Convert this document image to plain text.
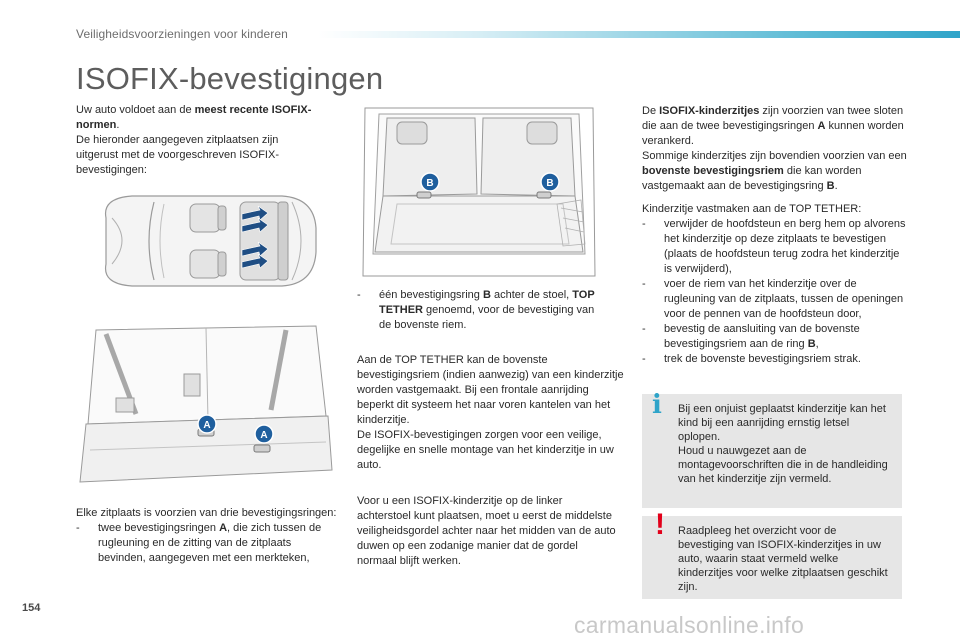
Veiligheidsvoorzieningen voor kinderen
ISOFIX-bevestigingen
Uw auto voldoet aan de meest recente ISOFIX-normen.
De hieronder aangegeven zitplaatsen zijn uitgerust met de voorgeschreven ISOFIX-bevestigingen:
A
A
B	B
Elke zitplaats is voorzien van drie bevestigingsringen:
- twee bevestigingsringen A, die zich tussen de rugleuning en de zitting van de zitplaats bevinden, aangegeven met een merkteken,
- één bevestigingsring B achter de stoel, TOP TETHER genoemd, voor de bevestiging van de bovenste riem.
Aan de TOP TETHER kan de bovenste bevestigingsriem (indien aanwezig) van een kinderzitje worden vastgemaakt. Bij een frontale aanrijding beperkt dit systeem het naar voren kantelen van het kinderzitje.
De ISOFIX-bevestigingen zorgen voor een veilige, degelijke en snelle montage van het kinderzitje in uw auto.
Voor u een ISOFIX-kinderzitje op de linker achterstoel kunt plaatsen, moet u eerst de middelste veiligheidsgordel achter naar het midden van de auto duwen op een zodanige manier dat de gordel normaal blijft werken.
De ISOFIX-kinderzitjes zijn voorzien van twee sloten die aan de twee bevestigingsringen A kunnen worden verankerd.
Sommige kinderzitjes zijn bovendien voorzien van een bovenste bevestigingsriem die kan worden vastgemaakt aan de bevestigingsring B.
Kinderzitje vastmaken aan de TOP TETHER:
- verwijder de hoofdsteun en berg hem op alvorens het kinderzitje op deze zitplaats te bevestigen (plaats de hoofdsteun terug zodra het kinderzitje is verwijderd),
- voer de riem van het kinderzitje over de rugleuning van de zitplaats, tussen de openingen voor de pennen van de hoofdsteun door,
- bevestig de aansluiting van de bovenste bevestigingsriem aan de ring B,
- trek de bovenste bevestigingsriem strak.
i Bij een onjuist geplaatst kinderzitje kan het kind bij een aanrijding ernstig letsel oplopen.
Houd u nauwgezet aan de montagevoorschriften die in de handleiding van het kinderzitje zijn vermeld.
! Raadpleeg het overzicht voor de bevestiging van ISOFIX-kinderzitjes in uw auto, waarin staat vermeld welke kinderzitjes voor welke zitplaatsen geschikt zijn.
154
carmanualsonline.info
